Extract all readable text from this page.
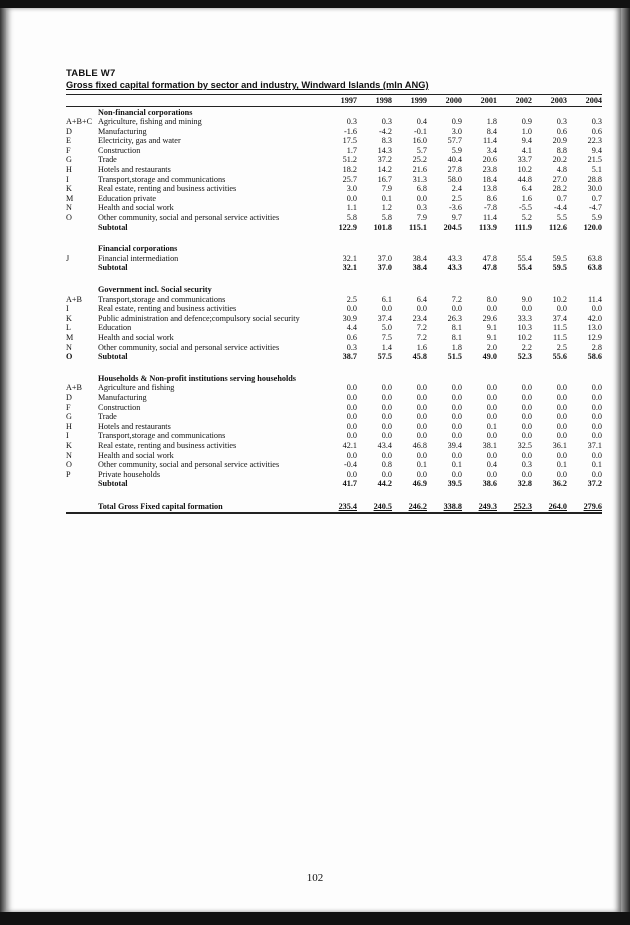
TABLE W7
Gross fixed capital formation by sector and industry, Windward Islands (mln ANG)
		1997	1998	1999	2000	2001	2002	2003	2004
	Non-financial corporations								
A+B+C	Agriculture, fishing and mining	0.3	0.3	0.4	0.9	1.8	0.9	0.3	0.3
D	Manufacturing	-1.6	-4.2	-0.1	3.0	8.4	1.0	0.6	0.6
E	Electricity, gas and water	17.5	8.3	16.0	57.7	11.4	9.4	20.9	22.3
F	Construction	1.7	14.3	5.7	5.9	3.4	4.1	8.8	9.4
G	Trade	51.2	37.2	25.2	40.4	20.6	33.7	20.2	21.5
H	Hotels and restaurants	18.2	14.2	21.6	27.8	23.8	10.2	4.8	5.1
I	Transport,storage and communications	25.7	16.7	31.3	58.0	18.4	44.8	27.0	28.8
K	Real estate, renting and business activities	3.0	7.9	6.8	2.4	13.8	6.4	28.2	30.0
M	Education private	0.0	0.1	0.0	2.5	8.6	1.6	0.7	0.7
N	Health and social work	1.1	1.2	0.3	-3.6	-7.8	-5.5	-4.4	-4.7
O	Other community, social and personal service activities	5.8	5.8	7.9	9.7	11.4	5.2	5.5	5.9
	Subtotal	122.9	101.8	115.1	204.5	113.9	111.9	112.6	120.0

	Financial corporations								
J	Financial intermediation	32.1	37.0	38.4	43.3	47.8	55.4	59.5	63.8
	Subtotal	32.1	37.0	38.4	43.3	47.8	55.4	59.5	63.8

	Government incl. Social security								
A+B	Transport,storage and communications	2.5	6.1	6.4	7.2	8.0	9.0	10.2	11.4
I	Real estate, renting and business activities	0.0	0.0	0.0	0.0	0.0	0.0	0.0	0.0
K	Public administration and defence;compulsory social security	30.9	37.4	23.4	26.3	29.6	33.3	37.4	42.0
L	Education	4.4	5.0	7.2	8.1	9.1	10.3	11.5	13.0
M	Health and social work	0.6	7.5	7.2	8.1	9.1	10.2	11.5	12.9
N	Other community, social and personal service activities	0.3	1.4	1.6	1.8	2.0	2.2	2.5	2.8
O	Subtotal	38.7	57.5	45.8	51.5	49.0	52.3	55.6	58.6

	Households & Non-profit institutions serving households								
A+B	Agriculture and fishing	0.0	0.0	0.0	0.0	0.0	0.0	0.0	0.0
D	Manufacturing	0.0	0.0	0.0	0.0	0.0	0.0	0.0	0.0
F	Construction	0.0	0.0	0.0	0.0	0.0	0.0	0.0	0.0
G	Trade	0.0	0.0	0.0	0.0	0.0	0.0	0.0	0.0
H	Hotels and restaurants	0.0	0.0	0.0	0.0	0.1	0.0	0.0	0.0
I	Transport,storage and communications	0.0	0.0	0.0	0.0	0.0	0.0	0.0	0.0
K	Real estate, renting and business activities	42.1	43.4	46.8	39.4	38.1	32.5	36.1	37.1
N	Health and social work	0.0	0.0	0.0	0.0	0.0	0.0	0.0	0.0
O	Other community, social and personal service activities	-0.4	0.8	0.1	0.1	0.4	0.3	0.1	0.1
P	Private households	0.0	0.0	0.0	0.0	0.0	0.0	0.0	0.0
	Subtotal	41.7	44.2	46.9	39.5	38.6	32.8	36.2	37.2

	Total Gross Fixed capital formation	235.4	240.5	246.2	338.8	249.3	252.3	264.0	279.6
102
